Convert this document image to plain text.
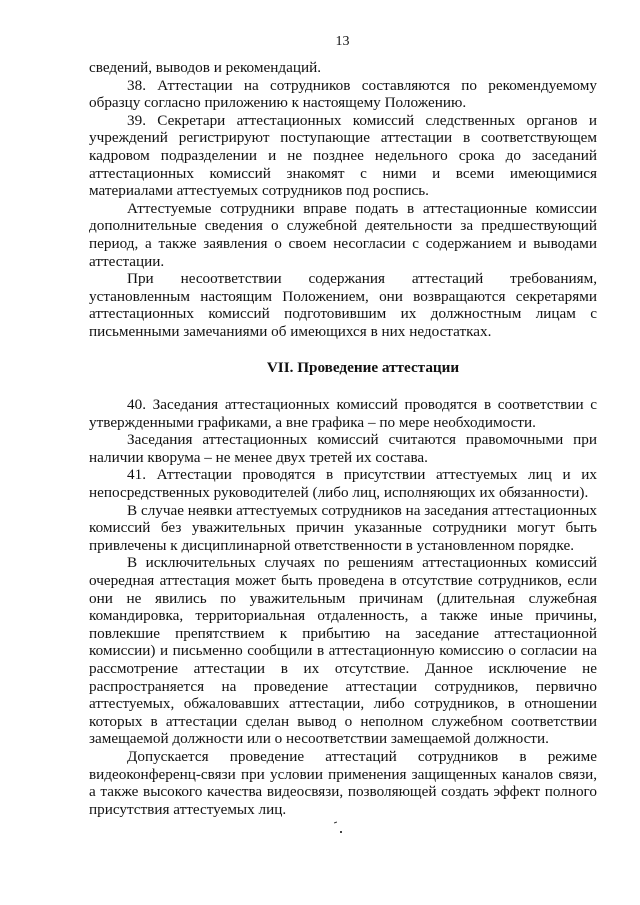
13

сведений, выводов и рекомендаций.

38. Аттестации на сотрудников составляются по рекомендуемому образцу согласно приложению к настоящему Положению.

39. Секретари аттестационных комиссий следственных органов и учреждений регистрируют поступающие аттестации в соответствующем кадровом подразделении и не позднее недельного срока до заседаний аттестационных комиссий знакомят с ними и всеми имеющимися материалами аттестуемых сотрудников под роспись.

Аттестуемые сотрудники вправе подать в аттестационные комиссии дополнительные сведения о служебной деятельности за предшествующий период, а также заявления о своем несогласии с содержанием и выводами аттестации.

При несоответствии содержания аттестаций требованиям, установленным настоящим Положением, они возвращаются секретарями аттестационных комиссий подготовившим их должностным лицам с письменными замечаниями об имеющихся в них недостатках.

VII. Проведение аттестации

40. Заседания аттестационных комиссий проводятся в соответствии с утвержденными графиками, а вне графика – по мере необходимости.

Заседания аттестационных комиссий считаются правомочными при наличии кворума – не менее двух третей их состава.

41. Аттестации проводятся в присутствии аттестуемых лиц и их непосредственных руководителей (либо лиц, исполняющих их обязанности).

В случае неявки аттестуемых сотрудников на заседания аттестационных комиссий без уважительных причин указанные сотрудники могут быть привлечены к дисциплинарной ответственности в установленном порядке.

В исключительных случаях по решениям аттестационных комиссий очередная аттестация может быть проведена в отсутствие сотрудников, если они не явились по уважительным причинам (длительная служебная командировка, территориальная отдаленность, а также иные причины, повлекшие препятствием к прибытию на заседание аттестационной комиссии) и письменно сообщили в аттестационную комиссию о согласии на рассмотрение аттестации в их отсутствие. Данное исключение не распространяется на проведение аттестации сотрудников, первично аттестуемых, обжаловавших аттестации, либо сотрудников, в отношении которых в аттестации сделан вывод о неполном служебном соответствии замещаемой должности или о несоответствии замещаемой должности.

Допускается проведение аттестаций сотрудников в режиме видеоконференц-связи при условии применения защищенных каналов связи, а также высокого качества видеосвязи, позволяющей создать эффект полного присутствия аттестуемых лиц.
